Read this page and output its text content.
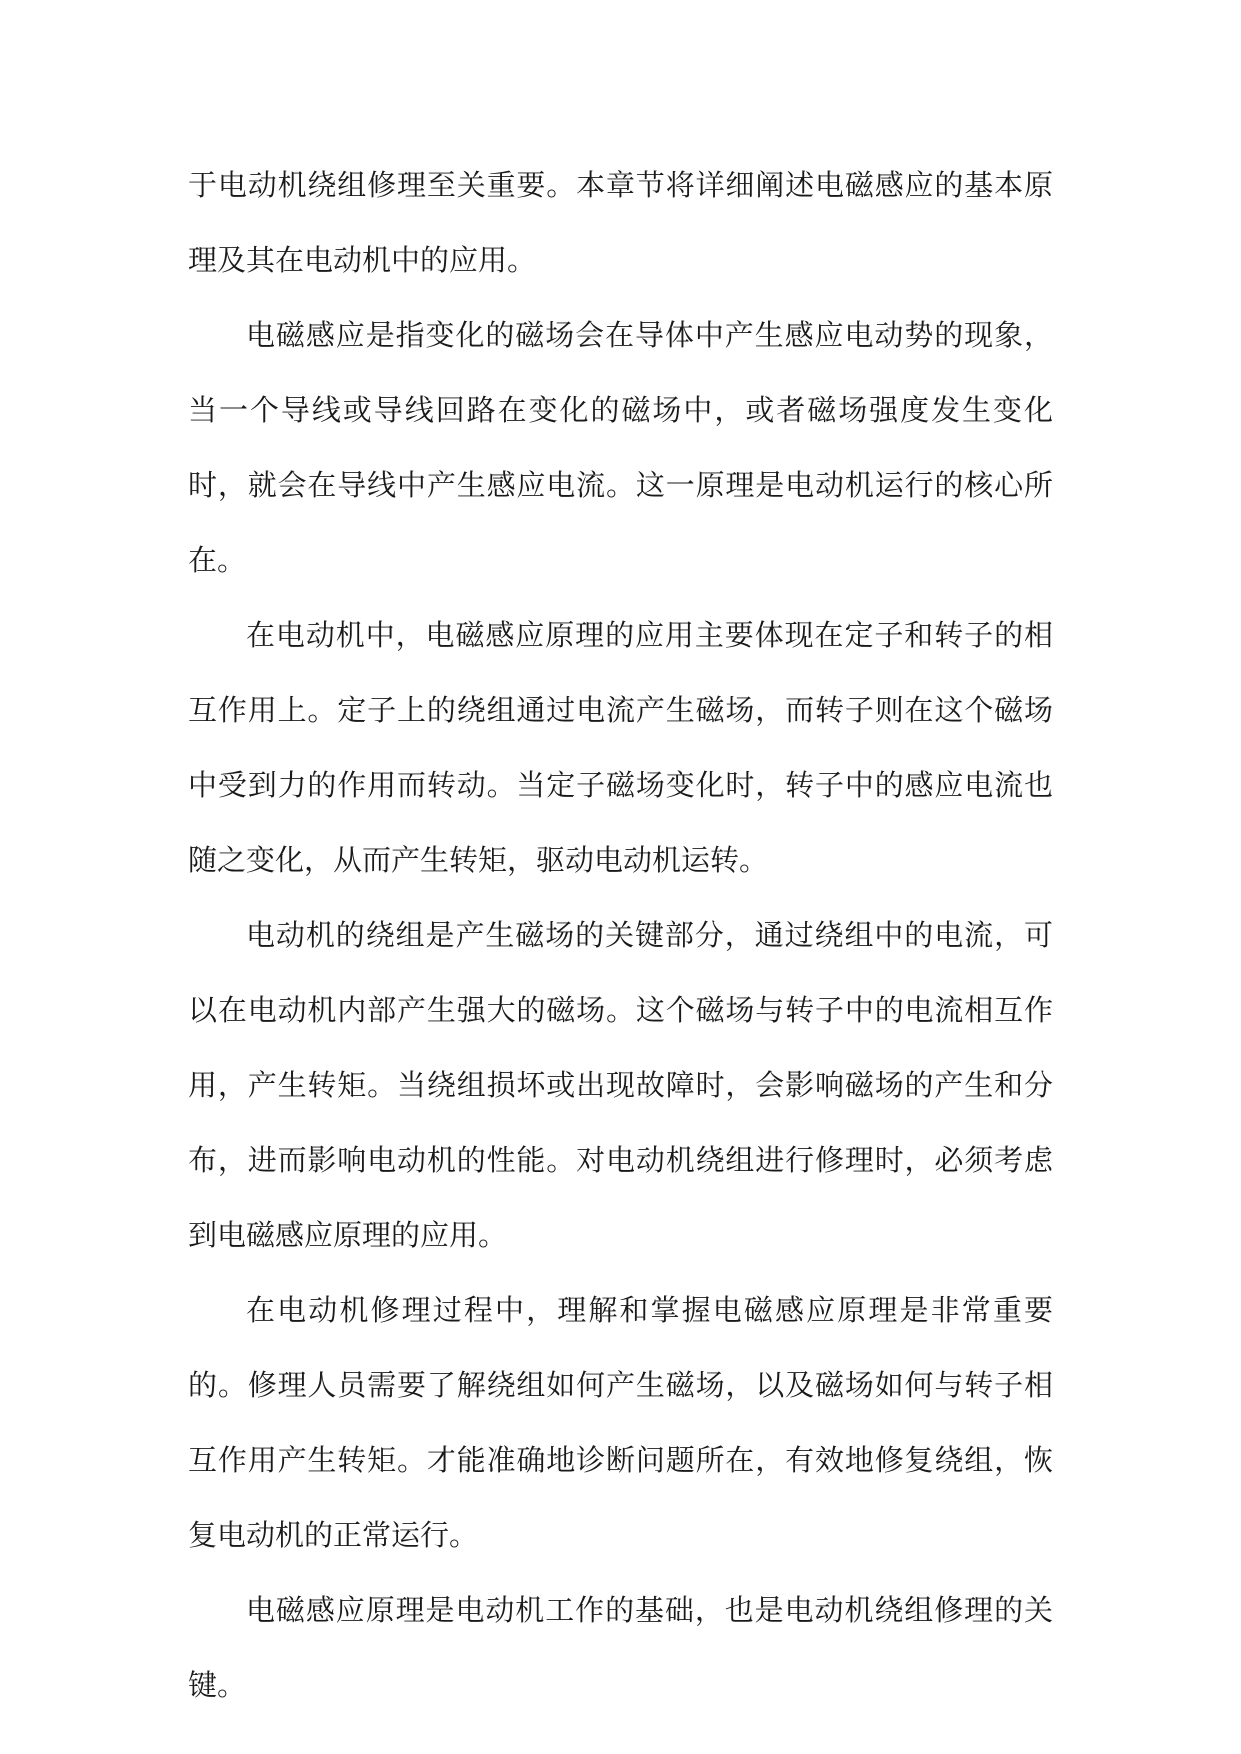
于电动机绕组修理至关重要。本章节将详细阐述电磁感应的基本原理及其在电动机中的应用。

电磁感应是指变化的磁场会在导体中产生感应电动势的现象，当一个导线或导线回路在变化的磁场中，或者磁场强度发生变化时，就会在导线中产生感应电流。这一原理是电动机运行的核心所在。

在电动机中，电磁感应原理的应用主要体现在定子和转子的相互作用上。定子上的绕组通过电流产生磁场，而转子则在这个磁场中受到力的作用而转动。当定子磁场变化时，转子中的感应电流也随之变化，从而产生转矩，驱动电动机运转。

电动机的绕组是产生磁场的关键部分，通过绕组中的电流，可以在电动机内部产生强大的磁场。这个磁场与转子中的电流相互作用，产生转矩。当绕组损坏或出现故障时，会影响磁场的产生和分布，进而影响电动机的性能。对电动机绕组进行修理时，必须考虑到电磁感应原理的应用。

在电动机修理过程中，理解和掌握电磁感应原理是非常重要的。修理人员需要了解绕组如何产生磁场，以及磁场如何与转子相互作用产生转矩。才能准确地诊断问题所在，有效地修复绕组，恢复电动机的正常运行。

电磁感应原理是电动机工作的基础，也是电动机绕组修理的关键。
